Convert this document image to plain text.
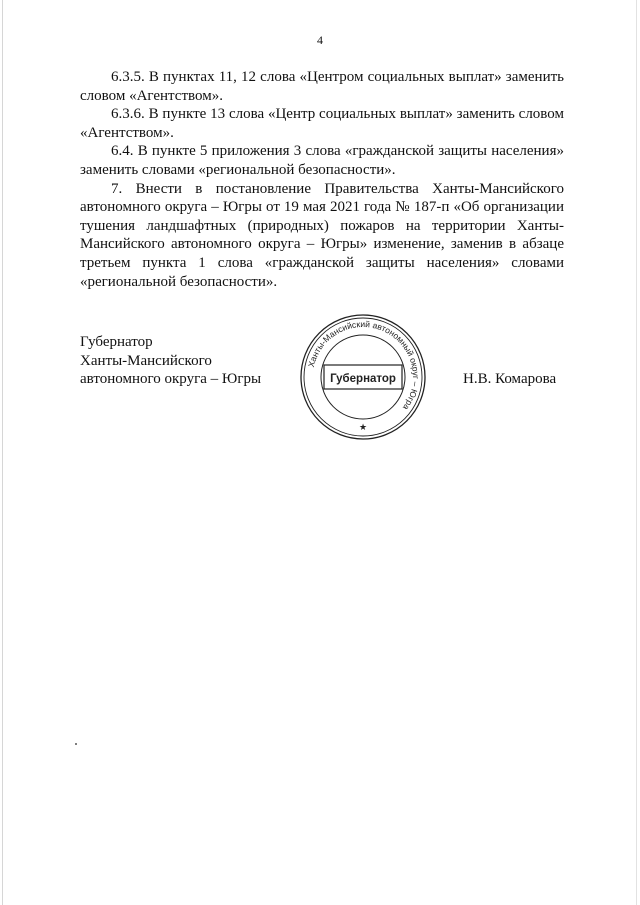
4

6.3.5. В пунктах 11, 12 слова «Центром социальных выплат» заменить словом «Агентством».

6.3.6. В пункте 13 слова «Центр социальных выплат» заменить словом «Агентством».

6.4. В пункте 5 приложения 3 слова «гражданской защиты населения» заменить словами «региональной безопасности».

7. Внести в постановление Правительства Ханты-Мансийского автономного округа – Югры от 19 мая 2021 года № 187-п «Об организации тушения ландшафтных (природных) пожаров на территории Ханты-Мансийского автономного округа – Югры» изменение, заменив в абзаце третьем пункта 1 слова «гражданской защиты населения» словами «региональной безопасности».

Губернатор
Ханты-Мансийского
автономного округа – Югры
Ханты-Мансийский автономный округ – Югра
Губернатор
★
Н.В. Комарова
